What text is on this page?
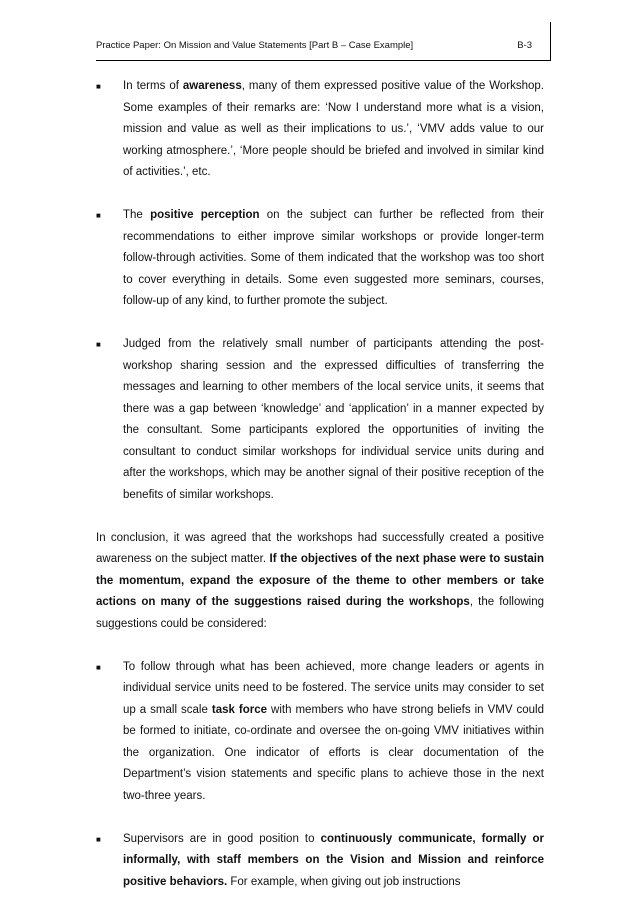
Practice Paper: On Mission and Value Statements [Part B – Case Example]	B-3
■ In terms of awareness, many of them expressed positive value of the Workshop. Some examples of their remarks are: ‘Now I understand more what is a vision, mission and value as well as their implications to us.’, ‘VMV adds value to our working atmosphere.’, ‘More people should be briefed and involved in similar kind of activities.’, etc.
■ The positive perception on the subject can further be reflected from their recommendations to either improve similar workshops or provide longer-term follow-through activities. Some of them indicated that the workshop was too short to cover everything in details. Some even suggested more seminars, courses, follow-up of any kind, to further promote the subject.
■ Judged from the relatively small number of participants attending the post-workshop sharing session and the expressed difficulties of transferring the messages and learning to other members of the local service units, it seems that there was a gap between ‘knowledge’ and ‘application’ in a manner expected by the consultant. Some participants explored the opportunities of inviting the consultant to conduct similar workshops for individual service units during and after the workshops, which may be another signal of their positive reception of the benefits of similar workshops.
In conclusion, it was agreed that the workshops had successfully created a positive awareness on the subject matter. If the objectives of the next phase were to sustain the momentum, expand the exposure of the theme to other members or take actions on many of the suggestions raised during the workshops, the following suggestions could be considered:
■ To follow through what has been achieved, more change leaders or agents in individual service units need to be fostered. The service units may consider to set up a small scale task force with members who have strong beliefs in VMV could be formed to initiate, co-ordinate and oversee the on-going VMV initiatives within the organization. One indicator of efforts is clear documentation of the Department’s vision statements and specific plans to achieve those in the next two-three years.
■ Supervisors are in good position to continuously communicate, formally or informally, with staff members on the Vision and Mission and reinforce positive behaviors. For example, when giving out job instructions
